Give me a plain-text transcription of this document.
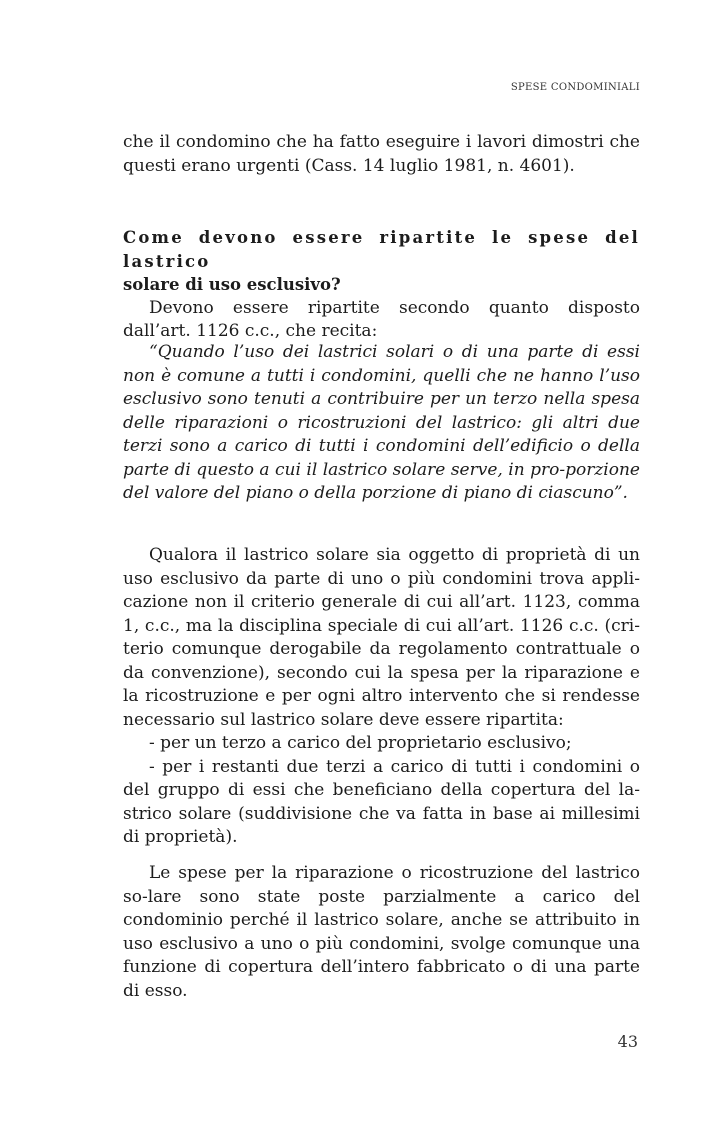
SPESE CONDOMINIALI

che il condomino che ha fatto eseguire i lavori dimostri che questi erano urgenti (Cass. 14 luglio 1981, n. 4601).

Come devono essere ripartite le spese del lastrico
solare di uso esclusivo?

Devono essere ripartite secondo quanto disposto dall’art. 1126 c.c., che recita:

“Quando l’uso dei lastrici solari o di una parte di essi non è comune a tutti i condomini, quelli che ne hanno l’uso esclusivo sono tenuti a contribuire per un terzo nella spesa delle riparazioni o ricostruzioni del lastrico: gli altri due terzi sono a carico di tutti i condomini dell’edificio o della parte di questo a cui il lastrico solare serve, in pro-porzione del valore del piano o della porzione di piano di ciascuno”.

Qualora il lastrico solare sia oggetto di proprietà di un uso esclusivo da parte di uno o più condomini trova appli-cazione non il criterio generale di cui all’art. 1123, comma 1, c.c., ma la disciplina speciale di cui all’art. 1126 c.c. (cri-terio comunque derogabile da regolamento contrattuale o da convenzione), secondo cui la spesa per la riparazione e la ricostruzione e per ogni altro intervento che si rendesse necessario sul lastrico solare deve essere ripartita:

- per un terzo a carico del proprietario esclusivo;

- per i restanti due terzi a carico di tutti i condomini o del gruppo di essi che beneficiano della copertura del la-strico solare (suddivisione che va fatta in base ai millesimi di proprietà).

Le spese per la riparazione o ricostruzione del lastrico so-lare sono state poste parzialmente a carico del condominio perché il lastrico solare, anche se attribuito in uso esclusivo a uno o più condomini, svolge comunque una funzione di copertura dell’intero fabbricato o di una parte di esso.

43
